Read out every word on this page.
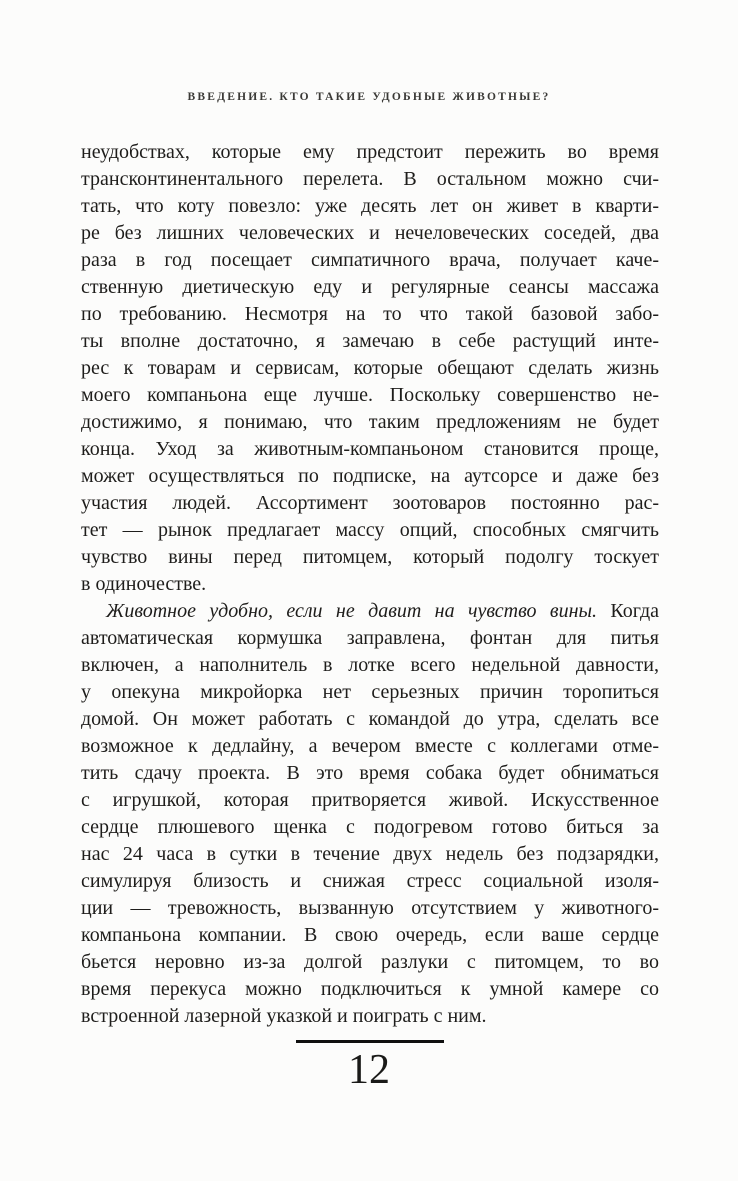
ВВЕДЕНИЕ. КТО ТАКИЕ УДОБНЫЕ ЖИВОТНЫЕ?
неудобствах, которые ему предстоит пережить во время
трансконтинентального перелета. В остальном можно счи-
тать, что коту повезло: уже десять лет он живет в кварти-
ре без лишних человеческих и нечеловеческих соседей, два
раза в год посещает симпатичного врача, получает каче-
ственную диетическую еду и регулярные сеансы массажа
по требованию. Несмотря на то что такой базовой забо-
ты вполне достаточно, я замечаю в себе растущий инте-
рес к товарам и сервисам, которые обещают сделать жизнь
моего компаньона еще лучше. Поскольку совершенство не-
достижимо, я понимаю, что таким предложениям не будет
конца. Уход за животным-компаньоном становится проще,
может осуществляться по подписке, на аутсорсе и даже без
участия людей. Ассортимент зоотоваров постоянно рас-
тет — рынок предлагает массу опций, способных смягчить
чувство вины перед питомцем, который подолгу тоскует
в одиночестве.
Животное удобно, если не давит на чувство вины. Когда
автоматическая кормушка заправлена, фонтан для питья
включен, а наполнитель в лотке всего недельной давности,
у опекуна микройорка нет серьезных причин торопиться
домой. Он может работать с командой до утра, сделать все
возможное к дедлайну, а вечером вместе с коллегами отме-
тить сдачу проекта. В это время собака будет обниматься
с игрушкой, которая притворяется живой. Искусственное
сердце плюшевого щенка с подогревом готово биться за
нас 24 часа в сутки в течение двух недель без подзарядки,
симулируя близость и снижая стресс социальной изоля-
ции — тревожность, вызванную отсутствием у животного-
компаньона компании. В свою очередь, если ваше сердце
бьется неровно из-за долгой разлуки с питомцем, то во
время перекуса можно подключиться к умной камере со
встроенной лазерной указкой и поиграть с ним.
12
